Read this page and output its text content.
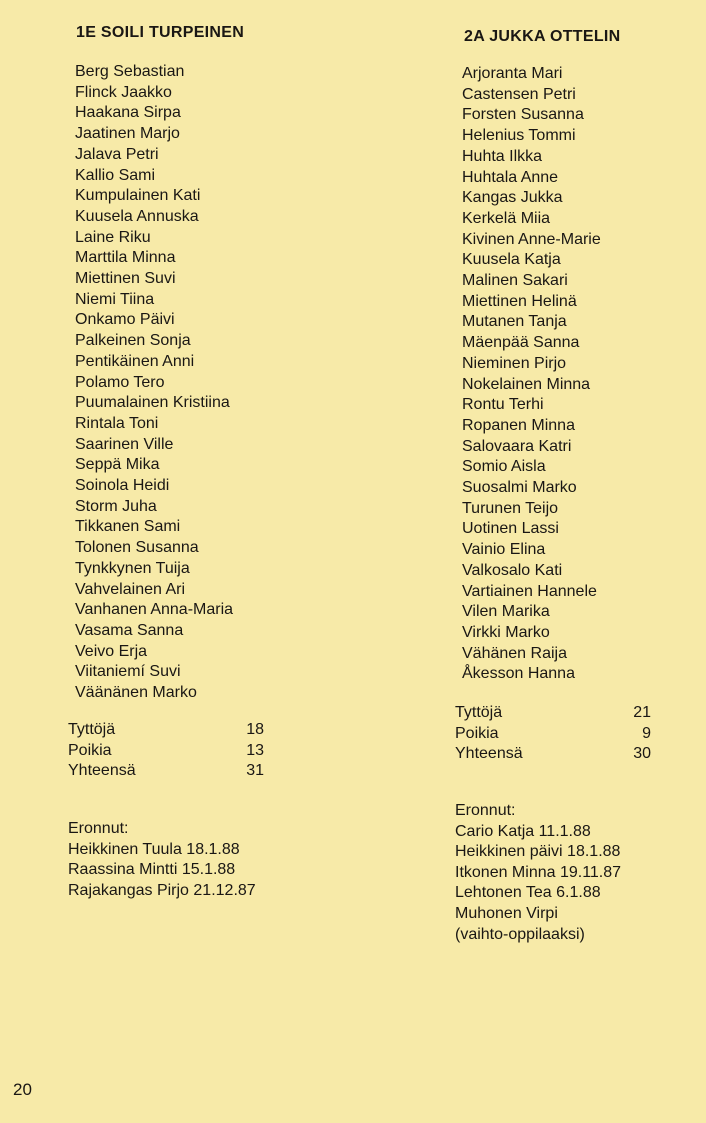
1E SOILI TURPEINEN
Berg Sebastian
Flinck Jaakko
Haakana Sirpa
Jaatinen Marjo
Jalava Petri
Kallio Sami
Kumpulainen Kati
Kuusela Annuska
Laine Riku
Marttila Minna
Miettinen Suvi
Niemi Tiina
Onkamo Päivi
Palkeinen Sonja
Pentikäinen Anni
Polamo Tero
Puumalainen Kristiina
Rintala Toni
Saarinen Ville
Seppä Mika
Soinola Heidi
Storm Juha
Tikkanen Sami
Tolonen Susanna
Tynkkynen Tuija
Vahvelainen Ari
Vanhanen Anna-Maria
Vasama Sanna
Veivo Erja
Viitaniemí Suvi
Väänänen Marko
Tyttöjä	18
Poikia	13
Yhteensä	31
Eronnut:
Heikkinen Tuula 18.1.88
Raassina Mintti 15.1.88
Rajakangas Pirjo 21.12.87
2A JUKKA OTTELIN
Arjoranta Mari
Castensen Petri
Forsten Susanna
Helenius Tommi
Huhta Ilkka
Huhtala Anne
Kangas Jukka
Kerkelä Miia
Kivinen Anne-Marie
Kuusela Katja
Malinen Sakari
Miettinen Helinä
Mutanen Tanja
Mäenpää Sanna
Nieminen Pirjo
Nokelainen Minna
Rontu Terhi
Ropanen Minna
Salovaara Katri
Somio Aisla
Suosalmi Marko
Turunen Teijo
Uotinen Lassi
Vainio Elina
Valkosalo Kati
Vartiainen Hannele
Vilen Marika
Virkki Marko
Vähänen Raija
Åkesson Hanna
Tyttöjä	21
Poikia	9
Yhteensä	30
Eronnut:
Cario Katja 11.1.88
Heikkinen päivi 18.1.88
Itkonen Minna 19.11.87
Lehtonen Tea 6.1.88
Muhonen Virpi
(vaihto-oppilaaksi)
20
